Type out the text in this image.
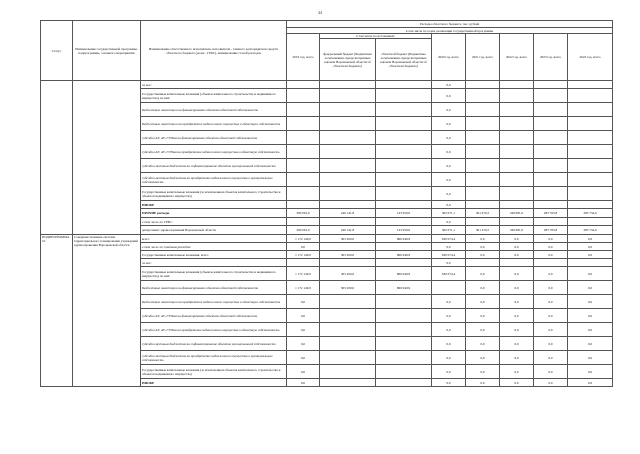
44
Статус	Наименование государственной программы, подпрограммы, основного мероприятия	Наименование ответственного исполнителя, исполнителя - главного распорядителя средств областного бюджета (далее - ГРБС), наименование статей расходов	Расходы областного бюджета, тыс. рублей							
			в том числе по годам реализации государственной программы							
			2019 год, всего	в том числе по источникам:		2020 год, всего	2021 год, всего	2022 год, всего	2023 год, всего	2024 год, всего
				федеральный бюджет (Бюджетные ассигнования, предусмотренные законом Воронежской области об областном бюджете)	областной бюджет (Бюджетные ассигнования, предусмотренные законом Воронежской области об областном бюджете)					
		из них:				0,0				
		Государственные капитальные вложения (объекты капитального строительства и недвижимого имущества), из них:				0,0				
		Бюджетные инвестиции на финансирование объектов областной собственности				0,0				
		Бюджетные инвестиции на приобретение недвижимого имущества в областную собственность				0,0				
		субсидии АУ, АУ, ГУПам на финансирование объектов областной собственности				0,0				
		субсидии АУ, АУ, ГУПам на приобретение недвижимого имущества в областную собственность				0,0				
		субсидии местным бюджетам на софинансирование объектов муниципальной собственности				0,0				
		субсидии местным бюджетам на приобретение недвижимого имущества в муниципальную собственность				0,0				
		Государственные капитальные вложения (за исключением объектов капитального строительства и объектов недвижимого имущества)				0,0				
		НИОКР				0,0				
		ПРОЧИЕ расходы	390 091,0	246 141,8	143 950,0	362 071,1	361 476,5	349 081,0	283 765,8	283 734,0
		в том числе по ГРБС:				0,0				
		департамент здравоохранения Воронежской области	390 091,0	246 141,8	143 950,0	362 071,1	361 476,5	349 081,0	283 765,8	283 734,0
ПОДПРОГРАММА 10	Совершенствование системы территориального планирования учреждений здравоохранения Воронежской области	всего	1 172 149,9	305 200,0	866 949,9	630 074,4	0,0	0,0	0,0	0,0
		в том числе по статьям расходов:	0,0			0,0	0,0	0,0	0,0	0,0
		Государственные капитальные вложения, всего	1 172 149,9	305 200,0	866 949,9	630 074,4	0,0	0,0	0,0	0,0
		из них:				0,0				
		Государственные капитальные вложения (объекты капитального строительства и недвижимого имущества), из них:	1 172 149,9	305 200,0	866 949,9	630 074,4	0,0	0,0	0,0	0,0
		Бюджетные инвестиции на финансирование объектов областной собственности	1 172 149,9	305 200,0	866 949,9		0,0	0,0	0,0	0,0
		Бюджетные инвестиции на приобретение недвижимого имущества в областную собственность	0,0			0,0	0,0	0,0	0,0	0,0
		субсидии АУ, АУ, ГУПам на финансирование объектов областной собственности	0,0			0,0	0,0	0,0	0,0	0,0
		субсидии АУ, АУ, ГУПам на приобретение недвижимого имущества в областную собственность	0,0			0,0	0,0	0,0	0,0	0,0
		субсидии местным бюджетам на софинансирование объектов муниципальной собственности	0,0			0,0	0,0	0,0	0,0	0,0
		субсидии местным бюджетам на приобретение недвижимого имущества в муниципальную собственность	0,0			0,0	0,0	0,0	0,0	0,0
		Государственные капитальные вложения (за исключением объектов капитального строительства и объектов недвижимого имущества)	0,0			0,0	0,0	0,0	0,0	0,0
		НИОКР	0,0			0,0	0,0	0,0	0,0	0,0
